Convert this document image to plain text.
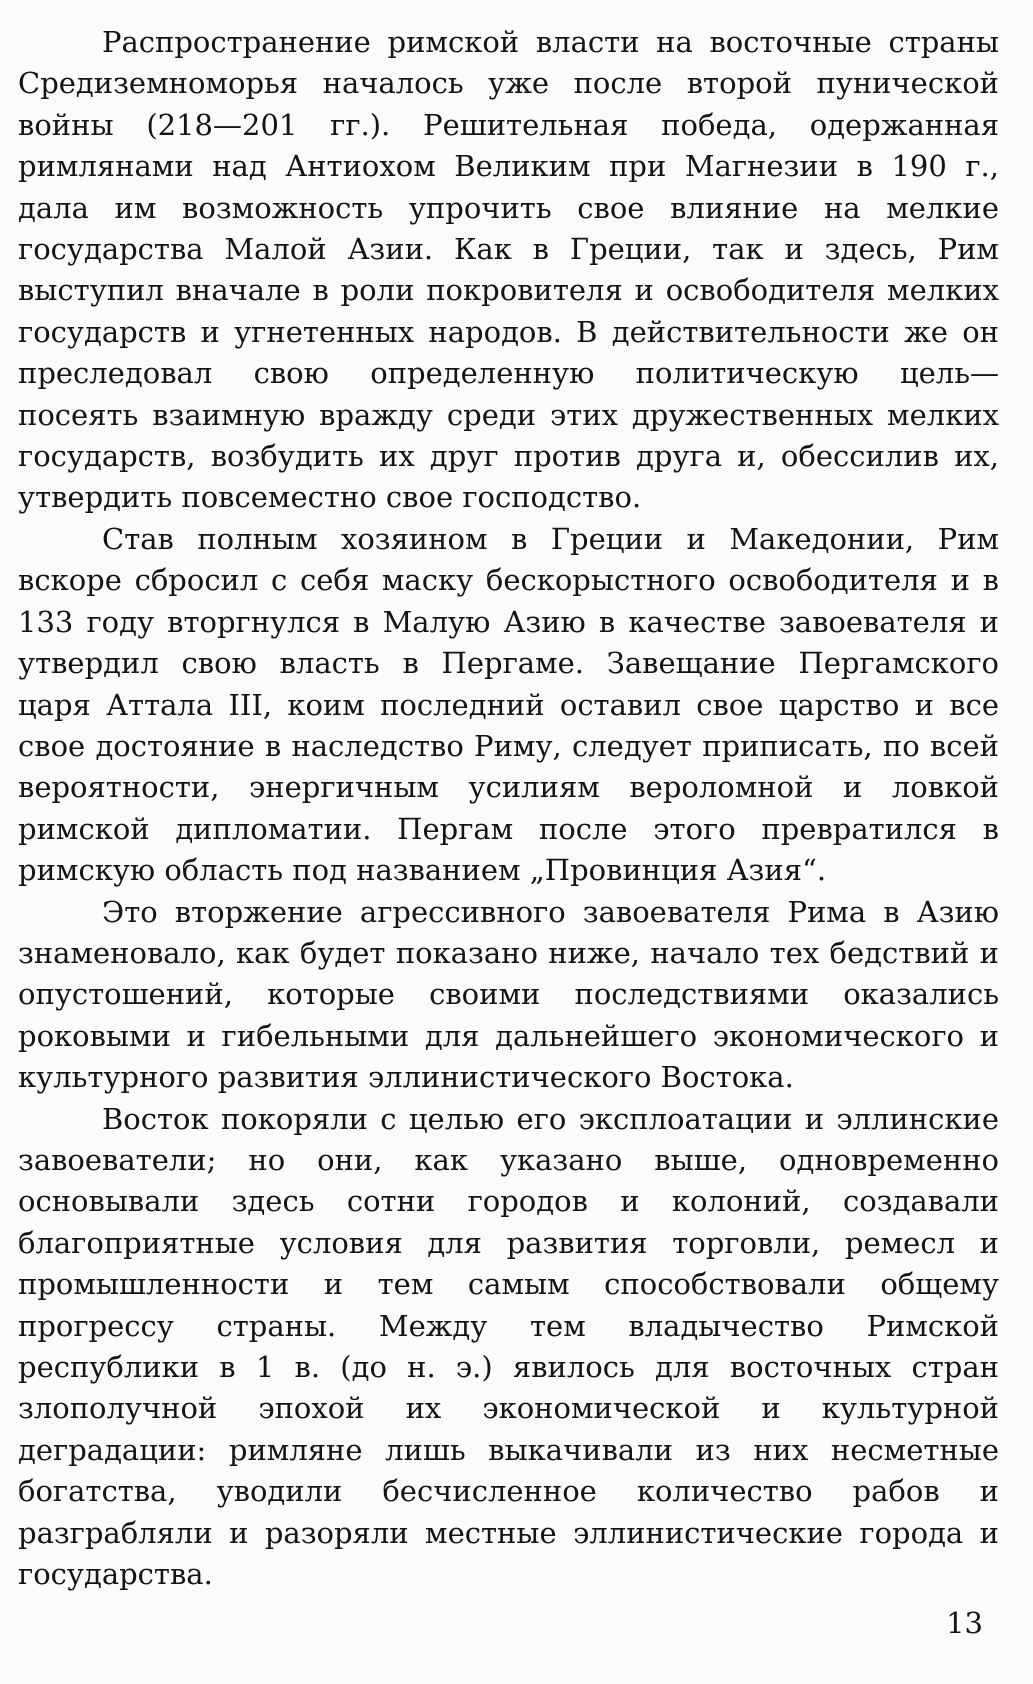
Распространение римской власти на восточные страны Средиземноморья началось уже после второй пунической войны (218—201 гг.). Решительная победа, одержанная римлянами над Антиохом Великим при Магнезии в 190 г., дала им возможность упрочить свое влияние на мелкие государства Малой Азии. Как в Греции, так и здесь, Рим выступил вначале в роли покровителя и освободителя мелких государств и угнетенных народов. В действительности же он преследовал свою определенную политическую цель— посеять взаимную вражду среди этих дружественных мелких государств, возбудить их друг против друга и, обессилив их, утвердить повсеместно свое господство.

Став полным хозяином в Греции и Македонии, Рим вскоре сбросил с себя маску бескорыстного освободителя и в 133 году вторгнулся в Малую Азию в качестве завоевателя и утвердил свою власть в Пергаме. Завещание Пергамского царя Аттала III, коим последний оставил свое царство и все свое достояние в наследство Риму, следует приписать, по всей вероятности, энергичным усилиям вероломной и ловкой римской дипломатии. Пергам после этого превратился в римскую область под названием „Провинция Азия“.

Это вторжение агрессивного завоевателя Рима в Азию знаменовало, как будет показано ниже, начало тех бедствий и опустошений, которые своими последствиями оказались роковыми и гибельными для дальнейшего экономического и культурного развития эллинистического Востока.

Восток покоряли с целью его эксплоатации и эллинские завоеватели; но они, как указано выше, одновременно основывали здесь сотни городов и колоний, создавали благоприятные условия для развития торговли, ремесл и промышленности и тем самым способствовали общему прогрессу страны. Между тем владычество Римской республики в 1 в. (до н. э.) явилось для восточных стран злополучной эпохой их экономической и культурной деградации: римляне лишь выкачивали из них несметные богатства, уводили бесчисленное количество рабов и разграбляли и разоряли местные эллинистические города и государства.

13
